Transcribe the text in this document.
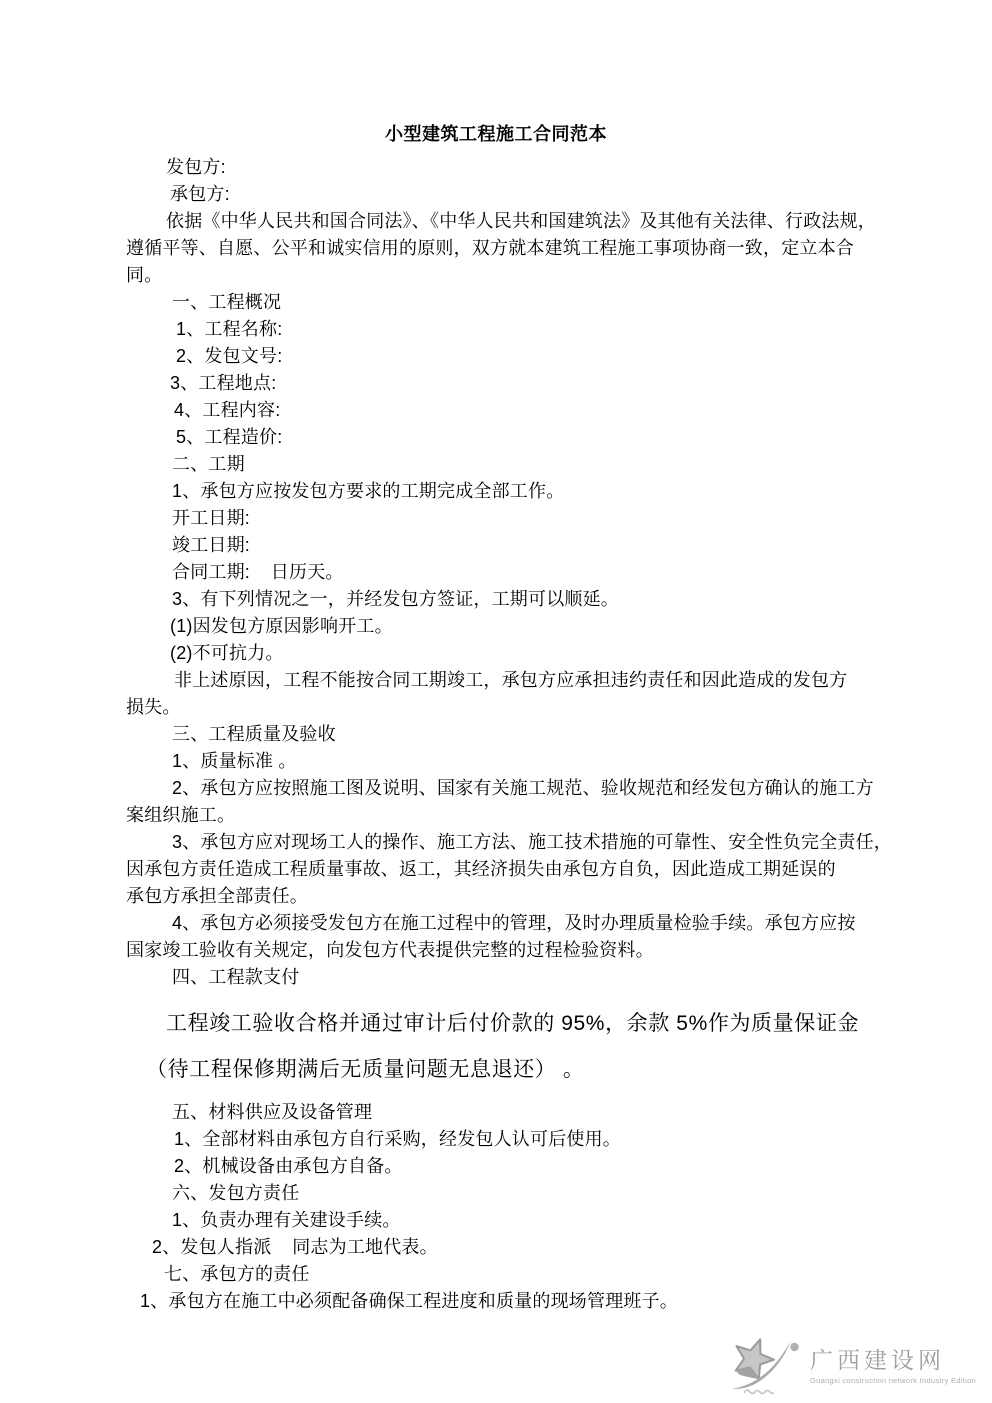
小型建筑工程施工合同范本
发包方:
承包方:
依据《中华人民共和国合同法》、《中华人民共和国建筑法》及其他有关法律、行政法规，
遵循平等、自愿、公平和诚实信用的原则，双方就本建筑工程施工事项协商一致，定立本合
同。
一、工程概况
1、工程名称:
2、发包文号:
3、工程地点:
4、工程内容:
5、工程造价:
二、工期
1、承包方应按发包方要求的工期完成全部工作。
开工日期:
竣工日期:
合同工期:    日历天。
3、有下列情况之一，并经发包方签证，工期可以顺延。
(1)因发包方原因影响开工。
(2)不可抗力。
非上述原因，工程不能按合同工期竣工，承包方应承担违约责任和因此造成的发包方
损失。
三、工程质量及验收
1、质量标准 。
2、承包方应按照施工图及说明、国家有关施工规范、验收规范和经发包方确认的施工方
案组织施工。
3、承包方应对现场工人的操作、施工方法、施工技术措施的可靠性、安全性负完全责任，
因承包方责任造成工程质量事故、返工，其经济损失由承包方自负，因此造成工期延误的
承包方承担全部责任。
4、承包方必须接受发包方在施工过程中的管理，及时办理质量检验手续。承包方应按
国家竣工验收有关规定，向发包方代表提供完整的过程检验资料。
四、工程款支付
工程竣工验收合格并通过审计后付价款的 95%，余款 5%作为质量保证金
（待工程保修期满后无质量问题无息退还） 。
五、材料供应及设备管理
1、全部材料由承包方自行采购，经发包人认可后使用。
2、机械设备由承包方自备。
六、发包方责任
1、负责办理有关建设手续。
2、发包人指派    同志为工地代表。
七、承包方的责任
1、承包方在施工中必须配备确保工程进度和质量的现场管理班子。
广西建设网
Guangxi construction network Industry Edition
